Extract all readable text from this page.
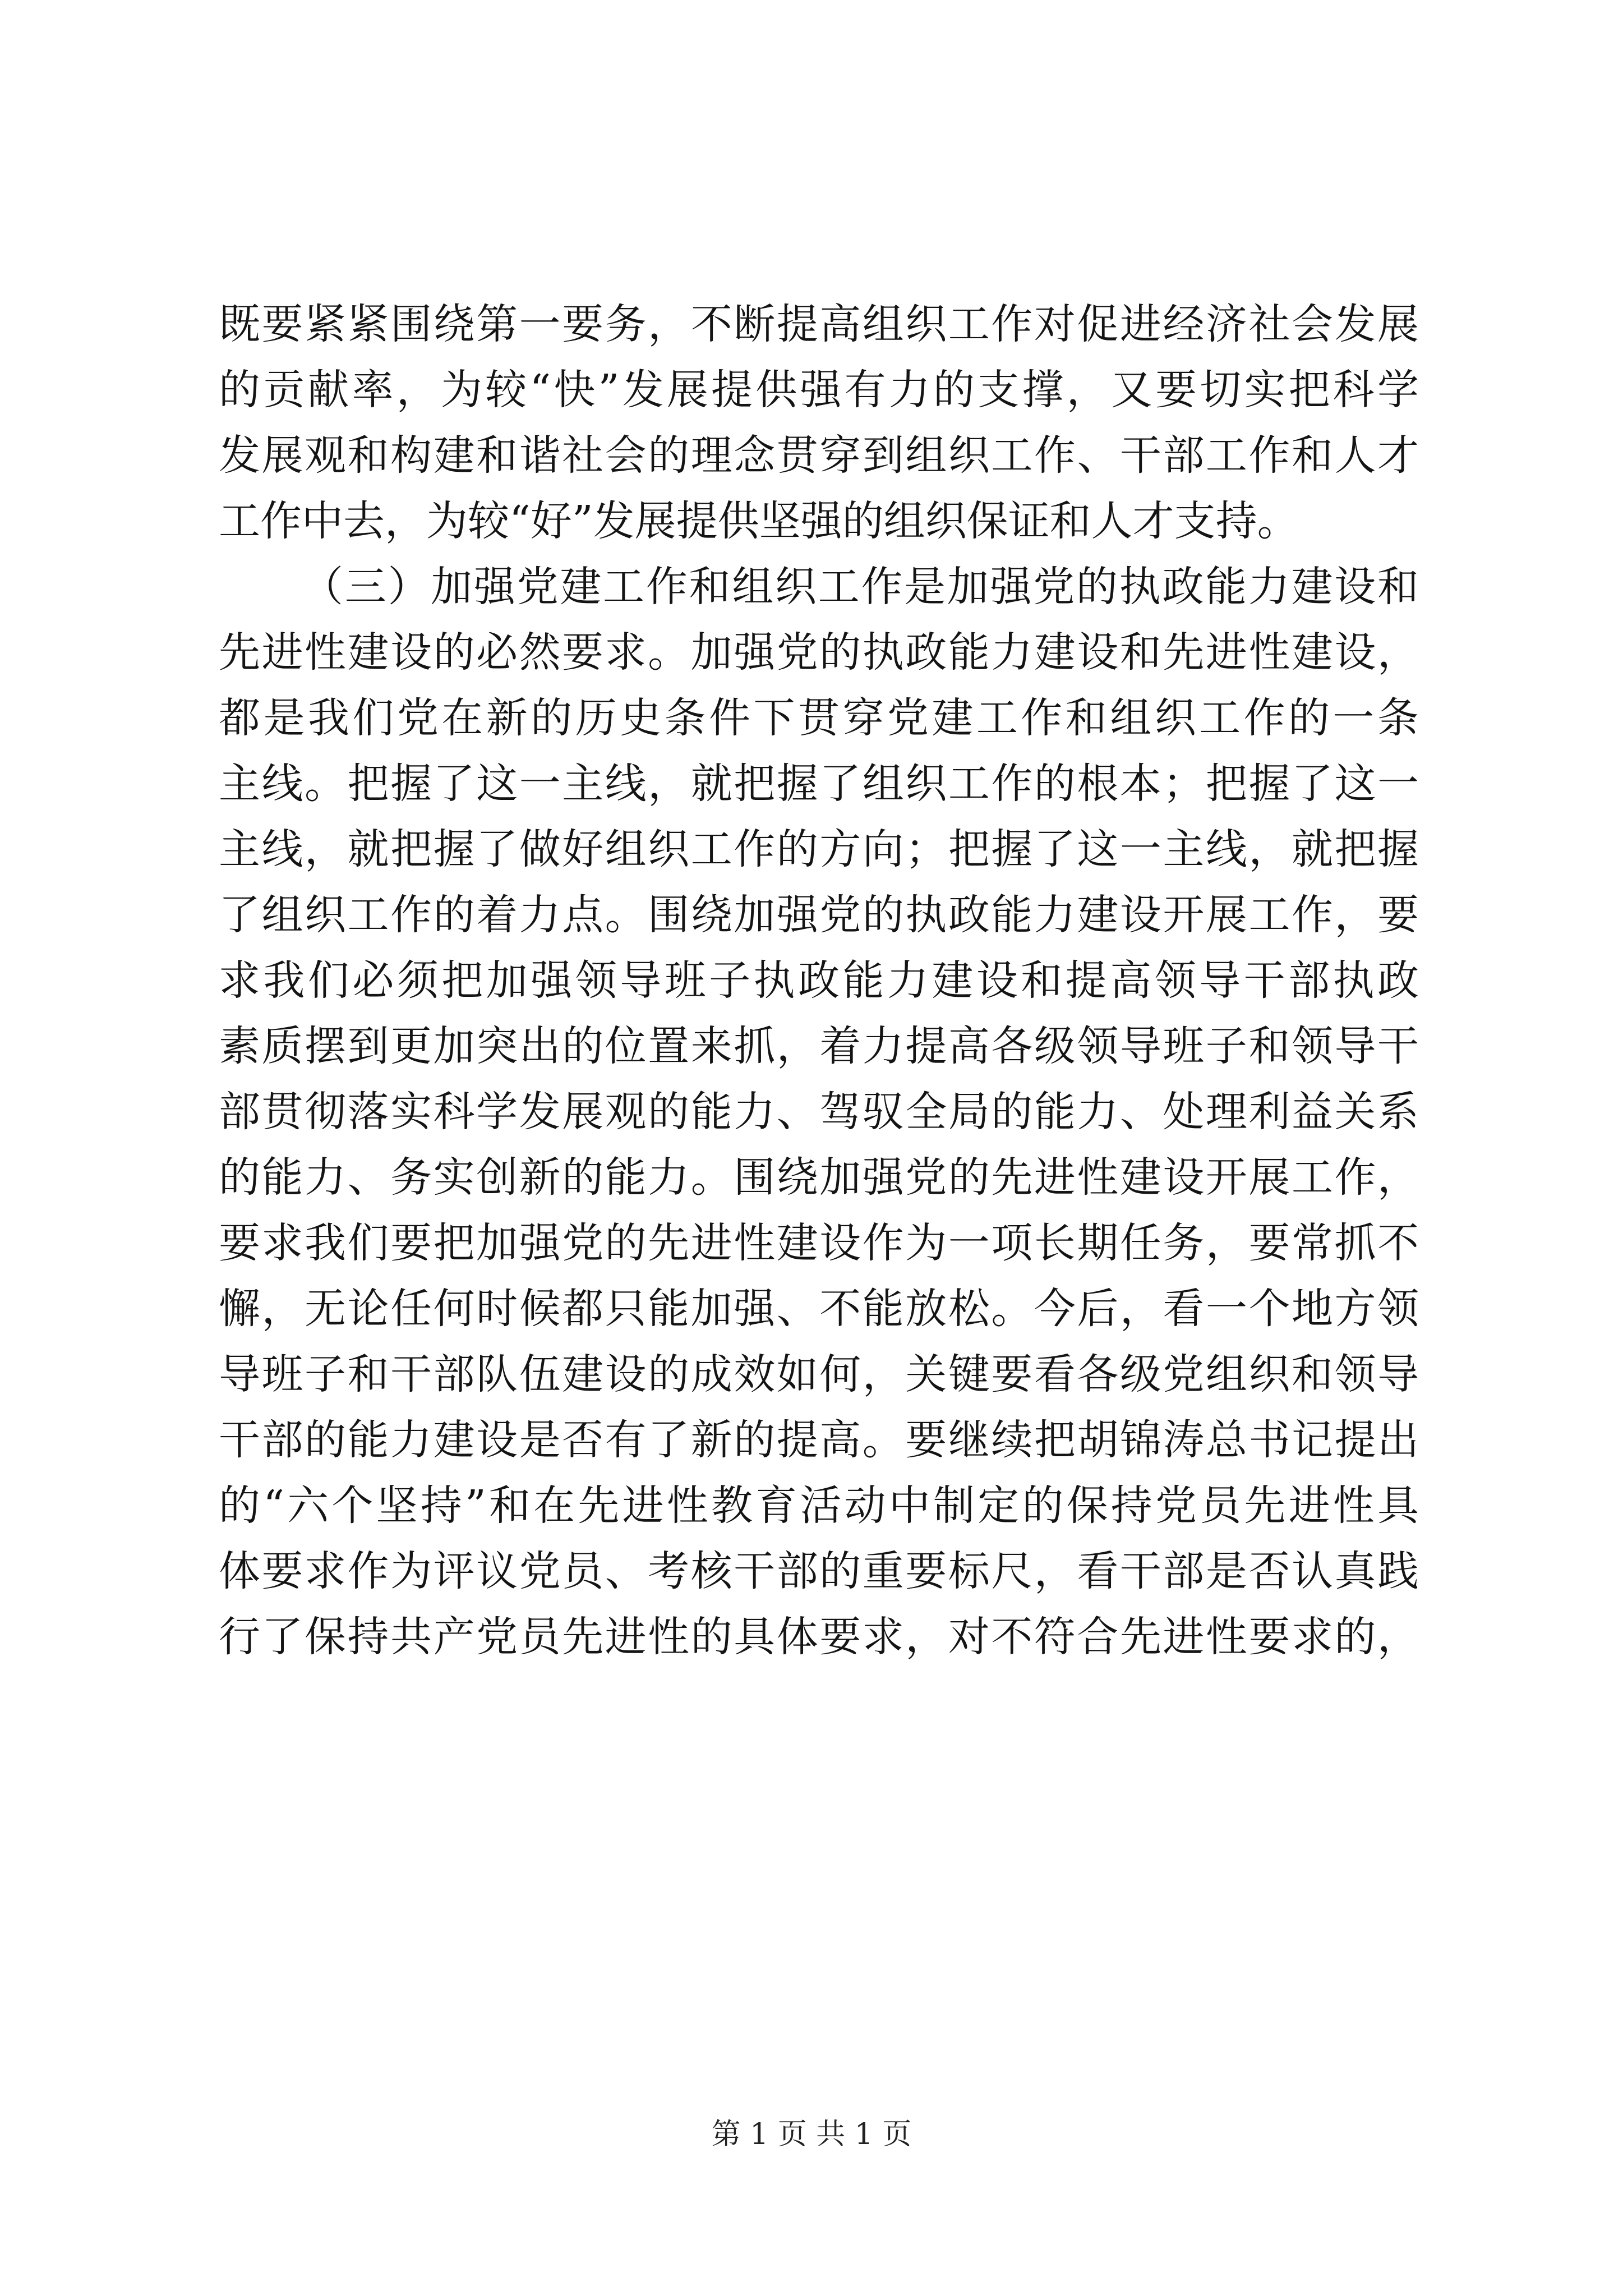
既要紧紧围绕第一要务，不断提高组织工作对促进经济社会发展
的贡献率，为较“快”发展提供强有力的支撑，又要切实把科学
发展观和构建和谐社会的理念贯穿到组织工作、干部工作和人才
工作中去，为较“好”发展提供坚强的组织保证和人才支持。
（三）加强党建工作和组织工作是加强党的执政能力建设和
先进性建设的必然要求。加强党的执政能力建设和先进性建设，
都是我们党在新的历史条件下贯穿党建工作和组织工作的一条
主线。把握了这一主线，就把握了组织工作的根本；把握了这一
主线，就把握了做好组织工作的方向；把握了这一主线，就把握
了组织工作的着力点。围绕加强党的执政能力建设开展工作，要
求我们必须把加强领导班子执政能力建设和提高领导干部执政
素质摆到更加突出的位置来抓，着力提高各级领导班子和领导干
部贯彻落实科学发展观的能力、驾驭全局的能力、处理利益关系
的能力、务实创新的能力。围绕加强党的先进性建设开展工作，
要求我们要把加强党的先进性建设作为一项长期任务，要常抓不
懈，无论任何时候都只能加强、不能放松。今后，看一个地方领
导班子和干部队伍建设的成效如何，关键要看各级党组织和领导
干部的能力建设是否有了新的提高。要继续把胡锦涛总书记提出
的“六个坚持”和在先进性教育活动中制定的保持党员先进性具
体要求作为评议党员、考核干部的重要标尺，看干部是否认真践
行了保持共产党员先进性的具体要求，对不符合先进性要求的，
第 1 页 共 1 页
